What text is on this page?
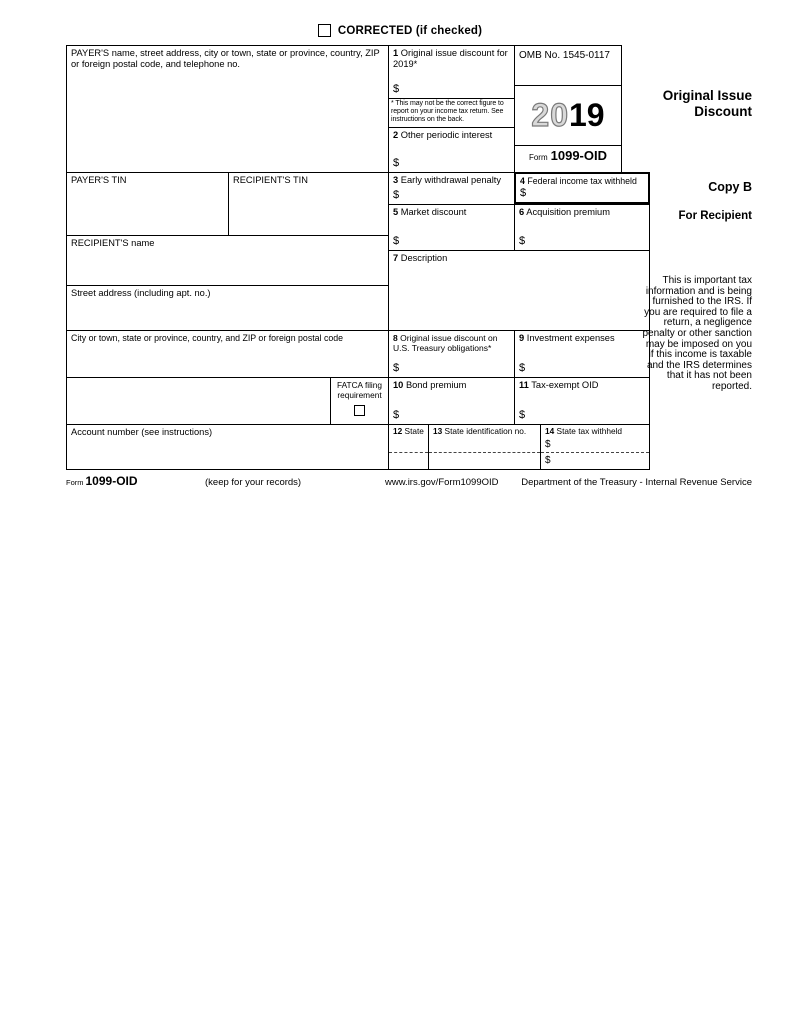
CORRECTED (if checked)
PAYER'S name, street address, city or town, state or province, country, ZIP or foreign postal code, and telephone no.
PAYER'S TIN	RECIPIENT'S TIN
RECIPIENT'S name
Street address (including apt. no.)
City or town, state or province, country, and ZIP or foreign postal code
FATCA filing requirement
Account number (see instructions)
1 Original issue discount for 2019*
$
* This may not be the correct figure to report on your income tax return. See instructions on the back.
2 Other periodic interest
$
3 Early withdrawal penalty
$
5 Market discount
$
7 Description
8 Original issue discount on U.S. Treasury obligations*
$
10 Bond premium
$
12 State 13 State identification no.	14 State tax withheld
$
$
OMB No. 1545-0117
20 19
Form 1099-OID
4 Federal income tax withheld
$
6 Acquisition premium
$
9 Investment expenses
$
11 Tax-exempt OID
$
Original Issue Discount
Copy B
For Recipient
This is important tax information and is being furnished to the IRS. If you are required to file a return, a negligence penalty or other sanction may be imposed on you if this income is taxable and the IRS determines that it has not been reported.
Form 1099-OID	(keep for your records)	www.irs.gov/Form1099OID Department of the Treasury - Internal Revenue Service
